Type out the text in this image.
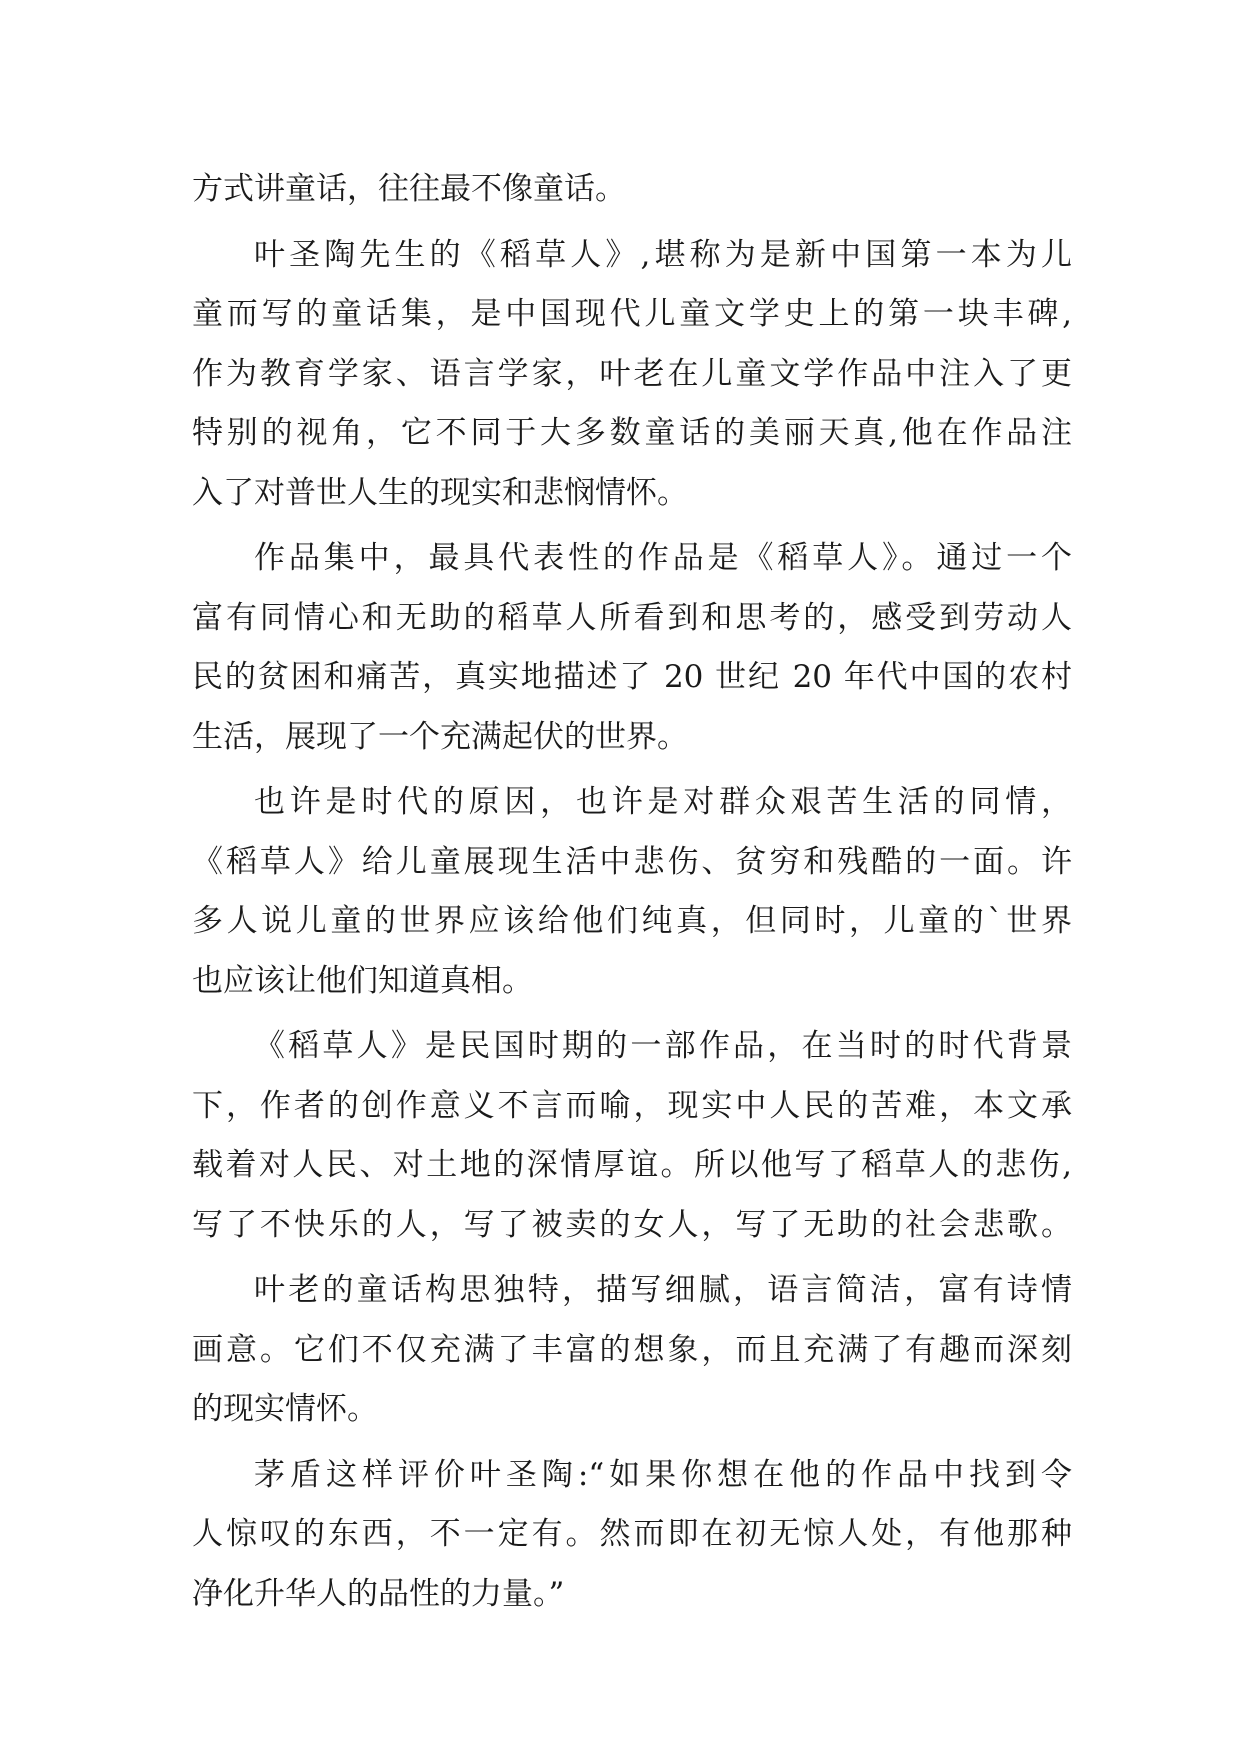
方式讲童话，往往最不像童话。
叶圣陶先生的《稻草人》,堪称为是新中国第一本为儿
童而写的童话集，是中国现代儿童文学史上的第一块丰碑,
作为教育学家、语言学家，叶老在儿童文学作品中注入了更
特别的视角，它不同于大多数童话的美丽天真,他在作品注
入了对普世人生的现实和悲悯情怀。
作品集中，最具代表性的作品是《稻草人》。通过一个
富有同情心和无助的稻草人所看到和思考的，感受到劳动人
民的贫困和痛苦，真实地描述了 20 世纪 20 年代中国的农村
生活，展现了一个充满起伏的世界。
也许是时代的原因，也许是对群众艰苦生活的同情，
《稻草人》给儿童展现生活中悲伤、贫穷和残酷的一面。许
多人说儿童的世界应该给他们纯真，但同时，儿童的`世界
也应该让他们知道真相。
《稻草人》是民国时期的一部作品，在当时的时代背景
下，作者的创作意义不言而喻，现实中人民的苦难，本文承
载着对人民、对土地的深情厚谊。所以他写了稻草人的悲伤,
写了不快乐的人，写了被卖的女人，写了无助的社会悲歌。
叶老的童话构思独特，描写细腻，语言简洁，富有诗情
画意。它们不仅充满了丰富的想象，而且充满了有趣而深刻
的现实情怀。
茅盾这样评价叶圣陶:“如果你想在他的作品中找到令
人惊叹的东西，不一定有。然而即在初无惊人处，有他那种
净化升华人的品性的力量。”
